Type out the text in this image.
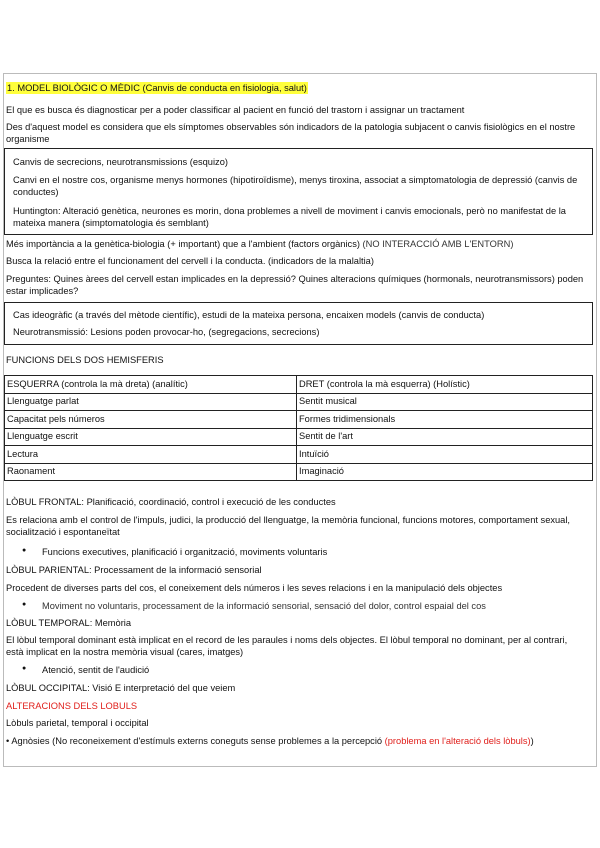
1. MODEL BIOLÒGIC O MÈDIC (Canvis de conducta en fisiologia, salut)
El que es busca és diagnosticar per a poder classificar al pacient en funció del trastorn i assignar un tractament
Des d'aquest model es considera que els símptomes observables són indicadors de la patologia subjacent o canvis fisiològics en el nostre organisme
Canvis de secrecions, neurotransmissions (esquizo)
Canvi en el nostre cos, organisme menys hormones (hipotiroïdisme), menys tiroxina, associat a simptomatologia de depressió (canvis de conductes)
Huntington: Alteració genètica, neurones es morin, dona problemes a nivell de moviment i canvis emocionals, però no manifestat de la mateixa manera (simptomatologia és semblant)
Més importància a la genètica-biologia (+ important) que a l'ambient (factors orgànics) (NO INTERACCIÓ AMB L'ENTORN)
Busca la relació entre el funcionament del cervell i la conducta. (indicadors de la malaltia)
Preguntes: Quines àrees del cervell estan implicades en la depressió? Quines alteracions químiques (hormonals, neurotransmissors) poden estar implicades?
Cas ideogràfic (a través del mètode científic), estudi de la mateixa persona, encaixen models (canvis de conducta)
Neurotransmissió: Lesions poden provocar-ho, (segregacions, secrecions)
FUNCIONS DELS DOS HEMISFERIS
ESQUERRA (controla la mà dreta) (analític)	DRET (controla la mà esquerra) (Holístic)
Llenguatge parlat	Sentit musical
Capacitat pels números	Formes tridimensionals
Llenguatge escrit	Sentit de l'art
Lectura	Intuïció
Raonament	Imaginació
LÒBUL FRONTAL: Planificació, coordinació, control i execució de les conductes
Es relaciona amb el control de l'impuls, judici, la producció del llenguatge, la memòria funcional, funcions motores, comportament sexual, socialització i espontaneïtat
● Funcions executives, planificació i organització, moviments voluntaris
LÒBUL PARIENTAL: Processament de la informació sensorial
Procedent de diverses parts del cos, el coneixement dels números i les seves relacions i en la manipulació dels objectes
● Moviment no voluntaris, processament de la informació sensorial, sensació del dolor, control espaial del cos
LÒBUL TEMPORAL: Memòria
El lòbul temporal dominant està implicat en el record de les paraules i noms dels objectes. El lòbul temporal no dominant, per al contrari, està implicat en la nostra memòria visual (cares, imatges)
● Atenció, sentit de l'audició
LÒBUL OCCIPITAL: Visió E interpretació del que veiem
ALTERACIONS DELS LOBULS
Lòbuls parietal, temporal i occipital
• Agnòsies (No reconeixement d'estímuls externs coneguts sense problemes a la percepció (problema en l'alteració dels lòbuls))
